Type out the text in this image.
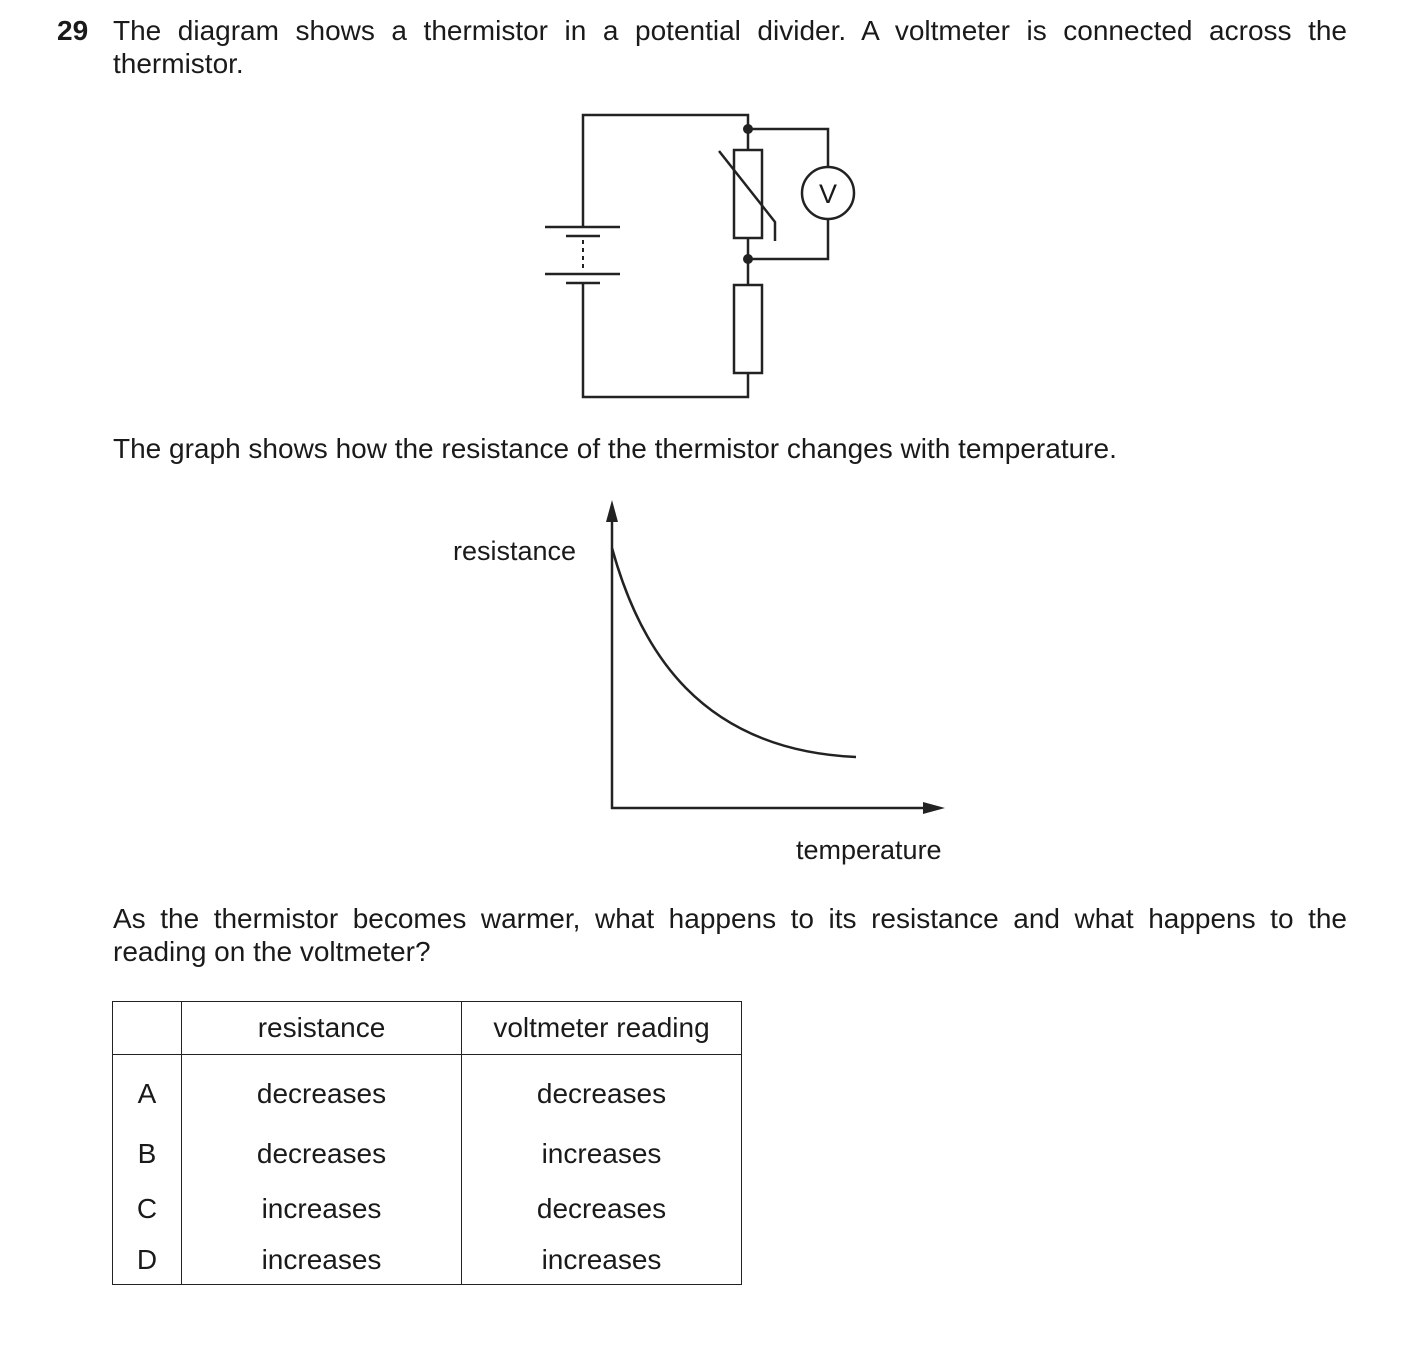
29 The diagram shows a thermistor in a potential divider. A voltmeter is connected across the thermistor.
V
The graph shows how the resistance of the thermistor changes with temperature.
resistance
temperature
As the thermistor becomes warmer, what happens to its resistance and what happens to the reading on the voltmeter?
	resistance	voltmeter reading
A	decreases	decreases
B	decreases	increases
C	increases	decreases
D	increases	increases
